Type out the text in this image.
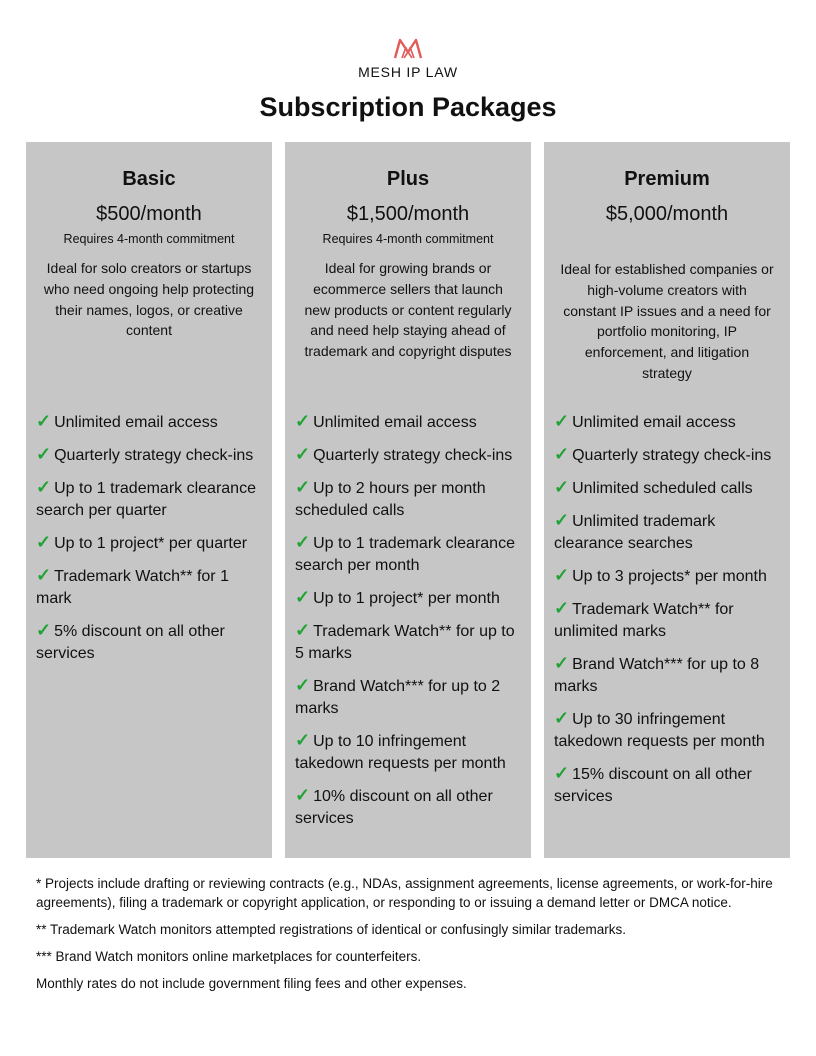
MESH IP LAW
Subscription Packages
Basic
$500/month
Requires 4-month commitment
Ideal for solo creators or startups who need ongoing help protecting their names, logos, or creative content
✓ Unlimited email access
✓ Quarterly strategy check-ins
✓ Up to 1 trademark clearance search per quarter
✓ Up to 1 project* per quarter
✓ Trademark Watch** for 1 mark
✓ 5% discount on all other services
Plus
$1,500/month
Requires 4-month commitment
Ideal for growing brands or ecommerce sellers that launch new products or content regularly and need help staying ahead of trademark and copyright disputes
✓ Unlimited email access
✓ Quarterly strategy check-ins
✓ Up to 2 hours per month scheduled calls
✓ Up to 1 trademark clearance search per month
✓ Up to 1 project* per month
✓ Trademark Watch** for up to 5 marks
✓ Brand Watch*** for up to 2 marks
✓ Up to 10 infringement takedown requests per month
✓ 10% discount on all other services
Premium
$5,000/month
Ideal for established companies or high-volume creators with constant IP issues and a need for portfolio monitoring, IP enforcement, and litigation strategy
✓ Unlimited email access
✓ Quarterly strategy check-ins
✓ Unlimited scheduled calls
✓ Unlimited trademark clearance searches
✓ Up to 3 projects* per month
✓ Trademark Watch** for unlimited marks
✓ Brand Watch*** for up to 8 marks
✓ Up to 30 infringement takedown requests per month
✓ 15% discount on all other services

* Projects include drafting or reviewing contracts (e.g., NDAs, assignment agreements, license agreements, or work-for-hire agreements), filing a trademark or copyright application, or responding to or issuing a demand letter or DMCA notice.

** Trademark Watch monitors attempted registrations of identical or confusingly similar trademarks.

*** Brand Watch monitors online marketplaces for counterfeiters.

Monthly rates do not include government filing fees and other expenses.
